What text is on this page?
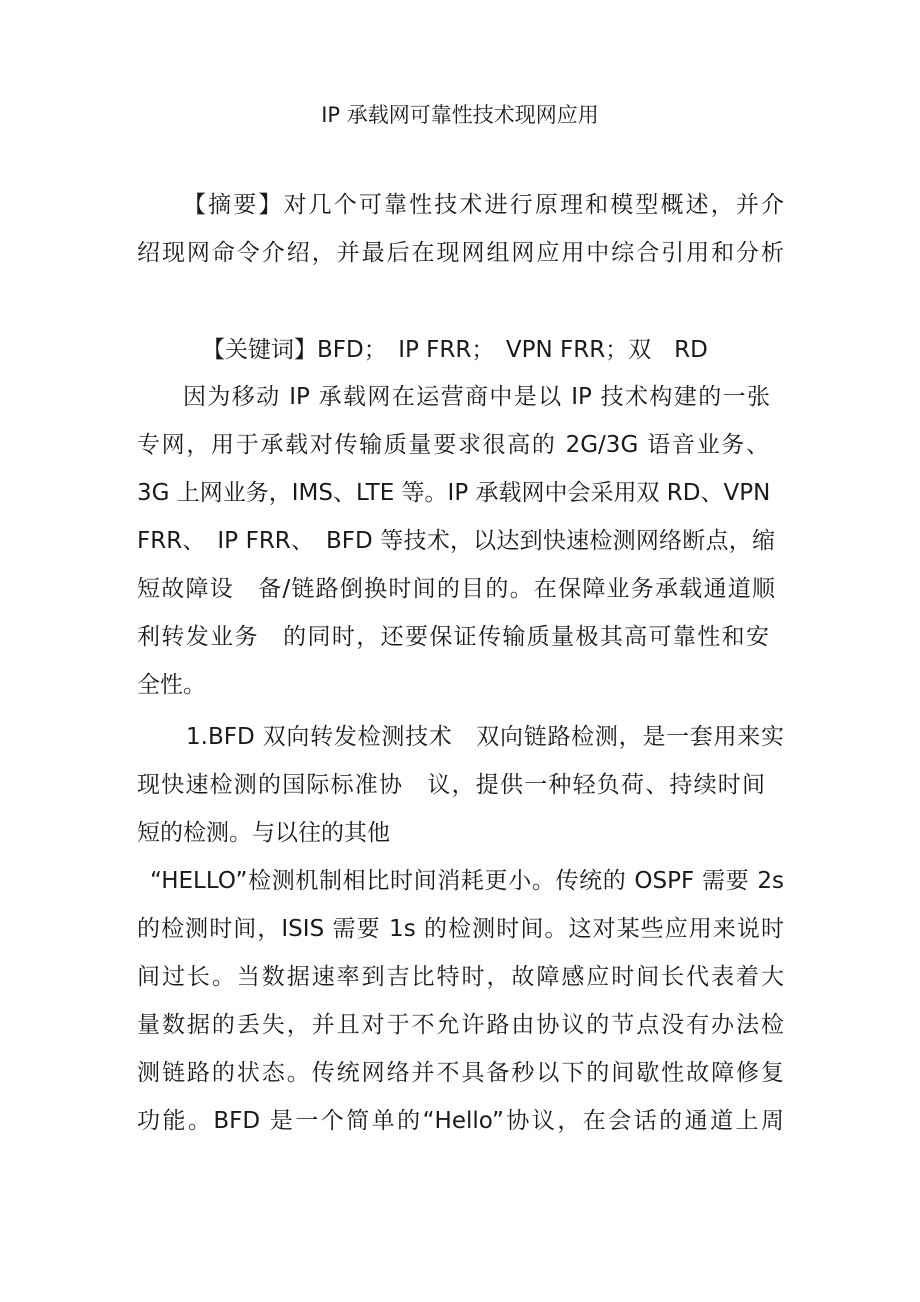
IP 承载网可靠性技术现网应用
【摘要】对几个可靠性技术进行原理和模型概述，并介
绍现网命令介绍，并最后在现网组网应用中综合引用和分析
【关键词】BFD；　IP FRR；　VPN FRR；双　RD
因为移动 IP 承载网在运营商中是以 IP 技术构建的一张
专网，用于承载对传输质量要求很高的 2G/3G 语音业务、
3G 上网业务，IMS、LTE 等。IP 承载网中会采用双 RD、VPN
FRR、　IP FRR、　BFD 等技术，以达到快速检测网络断点，缩
短故障设　备/链路倒换时间的目的。在保障业务承载通道顺
利转发业务　的同时，还要保证传输质量极其高可靠性和安
全性。
1.BFD 双向转发检测技术　双向链路检测，是一套用来实
现快速检测的国际标准协　议，提供一种轻负荷、持续时间
短的检测。与以往的其他
“HELLO”检测机制相比时间消耗更小。传统的 OSPF 需要 2s
的检测时间，ISIS 需要 1s 的检测时间。这对某些应用来说时
间过长。当数据速率到吉比特时，故障感应时间长代表着大
量数据的丢失，并且对于不允许路由协议的节点没有办法检
测链路的状态。传统网络并不具备秒以下的间歇性故障修复
功能。BFD 是一个简单的“Hello”协议，在会话的通道上周
